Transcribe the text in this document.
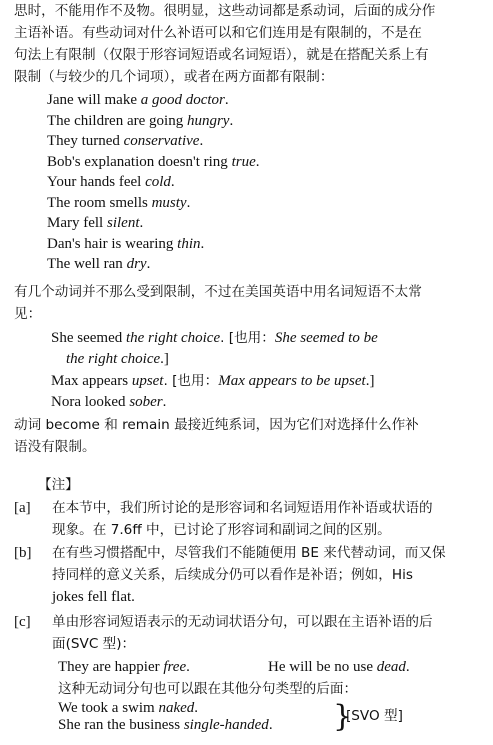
思时，不能用作不及物。很明显，这些动词都是系动词，后面的成分作
主语补语。有些动词对什么补语可以和它们连用是有限制的，不是在
句法上有限制（仅限于形容词短语或名词短语），就是在搭配关系上有
限制（与较少的几个词项），或者在两方面都有限制：
Jane will make a good doctor.
The children are going hungry.
They turned conservative.
Bob's explanation doesn't ring true.
Your hands feel cold.
The room smells musty.
Mary fell silent.
Dan's hair is wearing thin.
The well ran dry.
有几个动词并不那么受到限制，不过在美国英语中用名词短语不太常
见：
She seemed the right choice. [也用：She seemed to be
the right choice.]
Max appears upset. [也用：Max appears to be upset.]
Nora looked sober.
动词 become 和 remain 最接近纯系词，因为它们对选择什么作补
语没有限制。
【注】
[a] 在本节中，我们所讨论的是形容词和名词短语用作补语或状语的
现象。在 7.6ff 中，已讨论了形容词和副词之间的区别。
[b] 在有些习惯搭配中，尽管我们不能随便用 BE 来代替动词，而又保
持同样的意义关系，后续成分仍可以看作是补语；例如，His
jokes fell flat.
[c] 单由形容词短语表示的无动词状语分句，可以跟在主语补语的后
面(SVC 型)：
They are happier free.	He will be no use dead.
这种无动词分句也可以跟在其他分句类型的后面：
We took a swim naked.
She ran the business single-handed. }
[SVO 型]
